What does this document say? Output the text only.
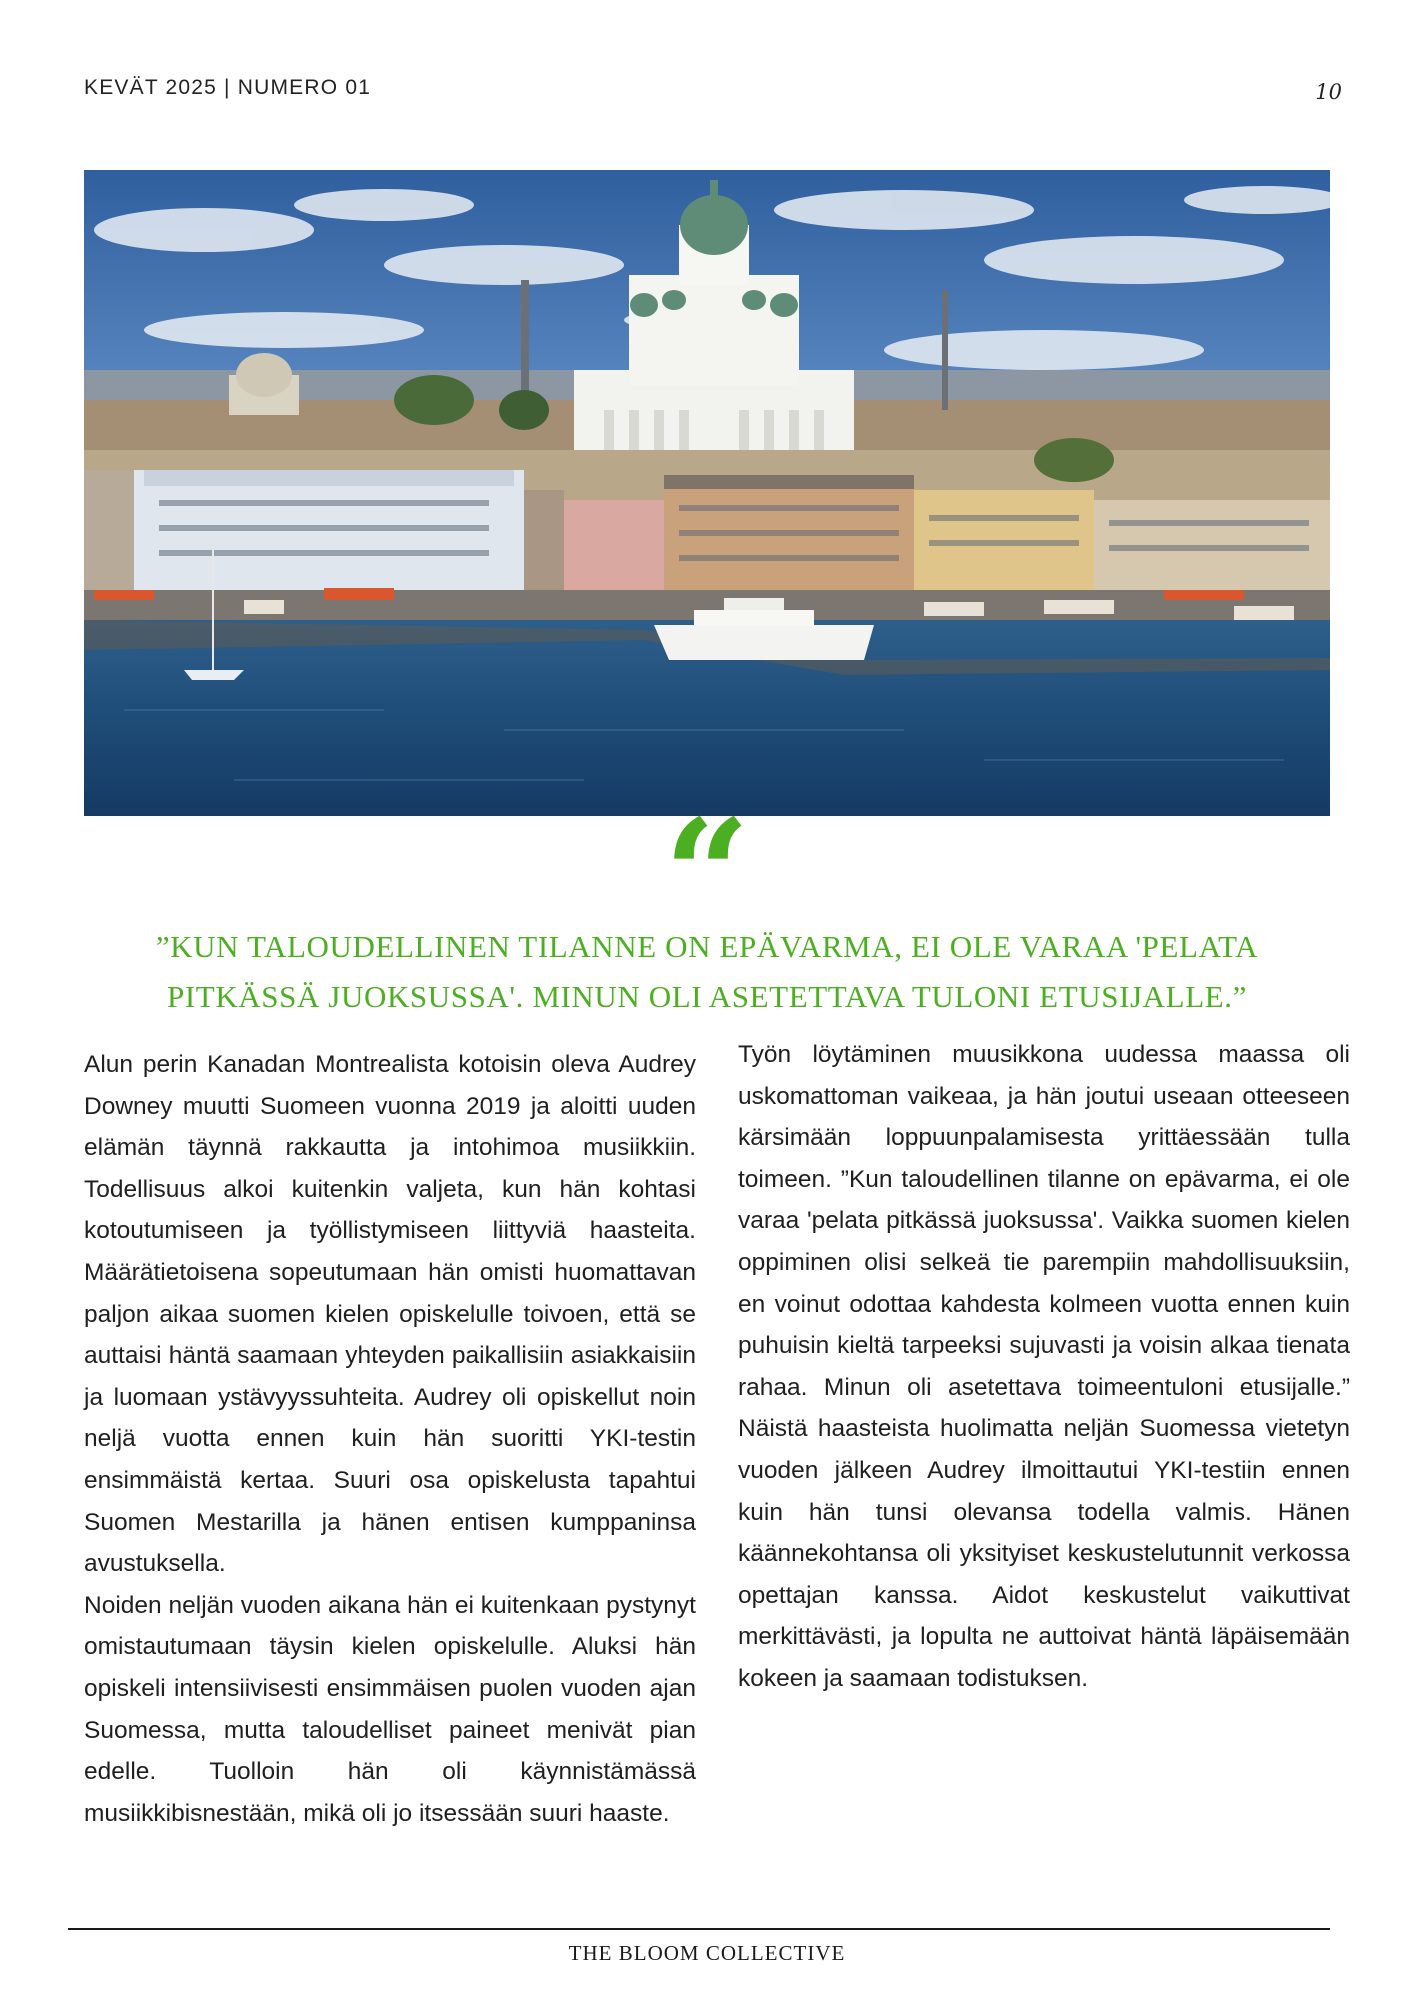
KEVÄT 2025 | NUMERO 01	10
“
”KUN TALOUDELLINEN TILANNE ON EPÄVARMA, EI OLE VARAA 'PELATA PITKÄSSÄ JUOKSUSSA'. MINUN OLI ASETETTAVA TULONI ETUSIJALLE.”

Alun perin Kanadan Montrealista kotoisin oleva Audrey Downey muutti Suomeen vuonna 2019 ja aloitti uuden elämän täynnä rakkautta ja intohimoa musiikkiin. Todellisuus alkoi kuitenkin valjeta, kun hän kohtasi kotoutumiseen ja työllistymiseen liittyviä haasteita. Määrätietoisena sopeutumaan hän omisti huomattavan paljon aikaa suomen kielen opiskelulle toivoen, että se auttaisi häntä saamaan yhteyden paikallisiin asiakkaisiin ja luomaan ystävyyssuhteita. Audrey oli opiskellut noin neljä vuotta ennen kuin hän suoritti YKI-testin ensimmäistä kertaa. Suuri osa opiskelusta tapahtui Suomen Mestarilla ja hänen entisen kumppaninsa avustuksella.

Noiden neljän vuoden aikana hän ei kuitenkaan pystynyt omistautumaan täysin kielen opiskelulle. Aluksi hän opiskeli intensiivisesti ensimmäisen puolen vuoden ajan Suomessa, mutta taloudelliset paineet menivät pian edelle. Tuolloin hän oli käynnistämässä musiikkibisnestään, mikä oli jo itsessään suuri haaste.

Työn löytäminen muusikkona uudessa maassa oli uskomattoman vaikeaa, ja hän joutui useaan otteeseen kärsimään loppuunpalamisesta yrittäessään tulla toimeen. ”Kun taloudellinen tilanne on epävarma, ei ole varaa 'pelata pitkässä juoksussa'. Vaikka suomen kielen oppiminen olisi selkeä tie parempiin mahdollisuuksiin, en voinut odottaa kahdesta kolmeen vuotta ennen kuin puhuisin kieltä tarpeeksi sujuvasti ja voisin alkaa tienata rahaa. Minun oli asetettava toimeentuloni etusijalle.” Näistä haasteista huolimatta neljän Suomessa vietetyn vuoden jälkeen Audrey ilmoittautui YKI-testiin ennen kuin hän tunsi olevansa todella valmis. Hänen käännekohtansa oli yksityiset keskustelutunnit verkossa opettajan kanssa. Aidot keskustelut vaikuttivat merkittävästi, ja lopulta ne auttoivat häntä läpäisemään kokeen ja saamaan todistuksen.

THE BLOOM COLLECTIVE
